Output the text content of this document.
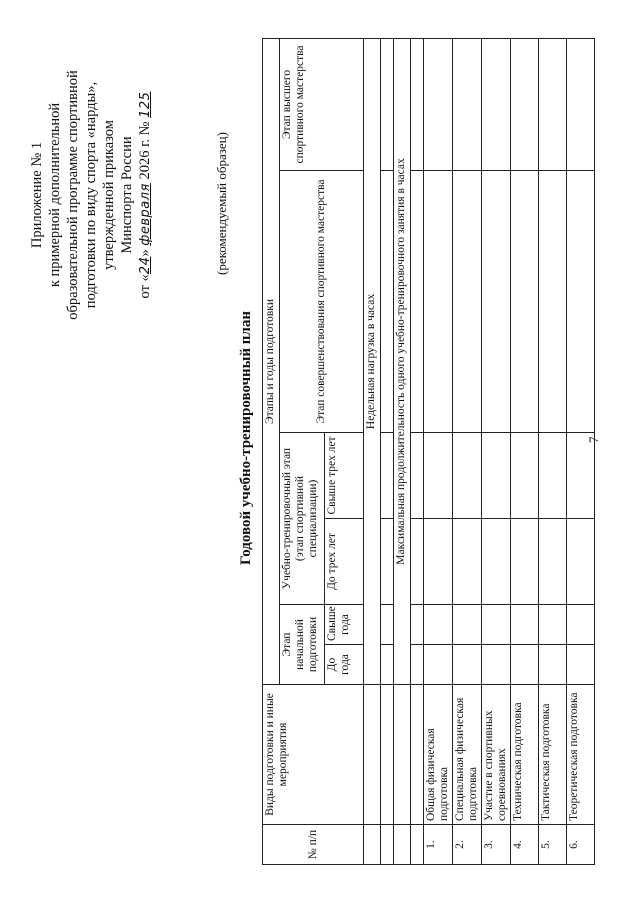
7
Приложение № 1 к примерной дополнительной образовательной программе спортивной подготовки по виду спорта «нарды», утвержденной приказом Минспорта России
от «24» февраля 2026 г. № 125
(рекомендуемый образец)
Годовой учебно-тренировочный план
№ п/п	Виды подготовки и иные мероприятия	Этапы и годы подготовки					
		Этап начальной подготовки		Учебно-тренировочный этап (этап спортивной специализации)		Этап совершенствования спортивного мастерства	Этап высшего спортивного мастерства
		До года	Свыше года	До трех лет	Свыше трех лет		
		Недельная нагрузка в часах					

		Максимальная продолжительность одного учебно-тренировочного занятия в часах					

1.	Общая физическая подготовка						
2.	Специальная физическая подготовка						
3.	Участие в спортивных соревнованиях						
4.	Техническая подготовка						
5.	Тактическая подготовка						
6.	Теоретическая подготовка						
